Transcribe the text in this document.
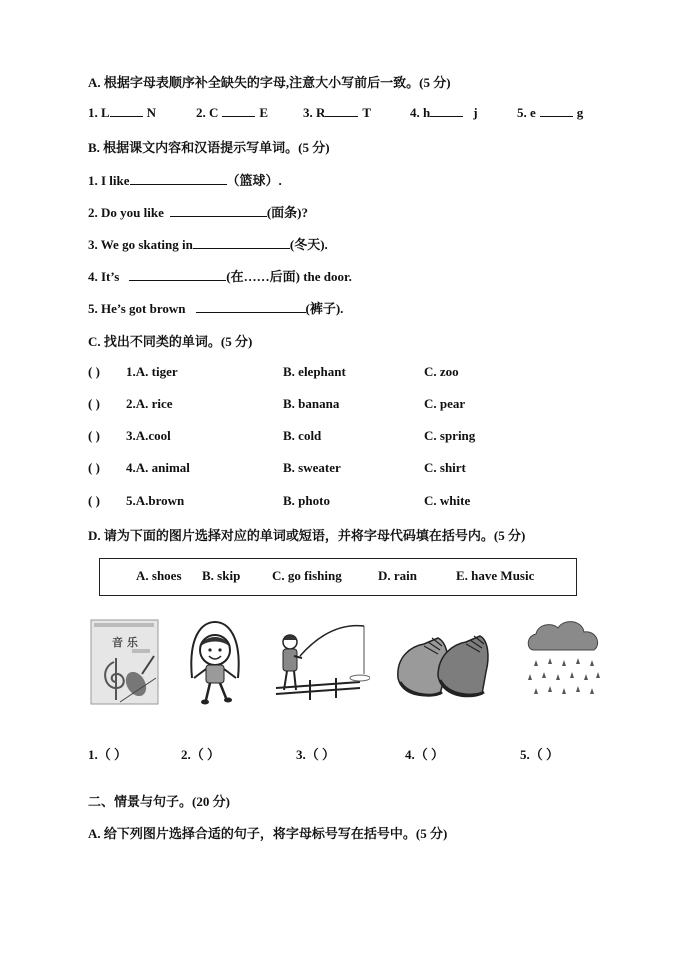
A. 根据字母表顺序补全缺失的字母,注意大小写前后一致。(5 分)
1. L	N	2. C	E	3. R	T	4. h	j	5. e	g
B. 根据课文内容和汉语提示写单词。(5 分)
1. I like	（篮球）.
2. Do you like	(面条)?
3. We go skating in	(冬天).
4. It’s	(在……后面) the door.
5. He’s got brown	(裤子).
C. 找出不同类的单词。(5 分)
( ) 1.A. tiger	B. elephant	C. zoo
( ) 2.A. rice	B. banana	C. pear
( ) 3.A.cool	B. cold	C. spring
( ) 4.A. animal	B. sweater	C. shirt
( ) 5.A.brown	B. photo	C. white
D. 请为下面的图片选择对应的单词或短语，并将字母代码填在括号内。(5 分)
A. shoes B. skip C. go fishing	D. rain	E. have Music
音 乐
1.（ ）	2.（ ）	3.（ ）	4.（ ）	5.（ ）
二、情景与句子。(20 分)
A. 给下列图片选择合适的句子，将字母标号写在括号中。(5 分)
